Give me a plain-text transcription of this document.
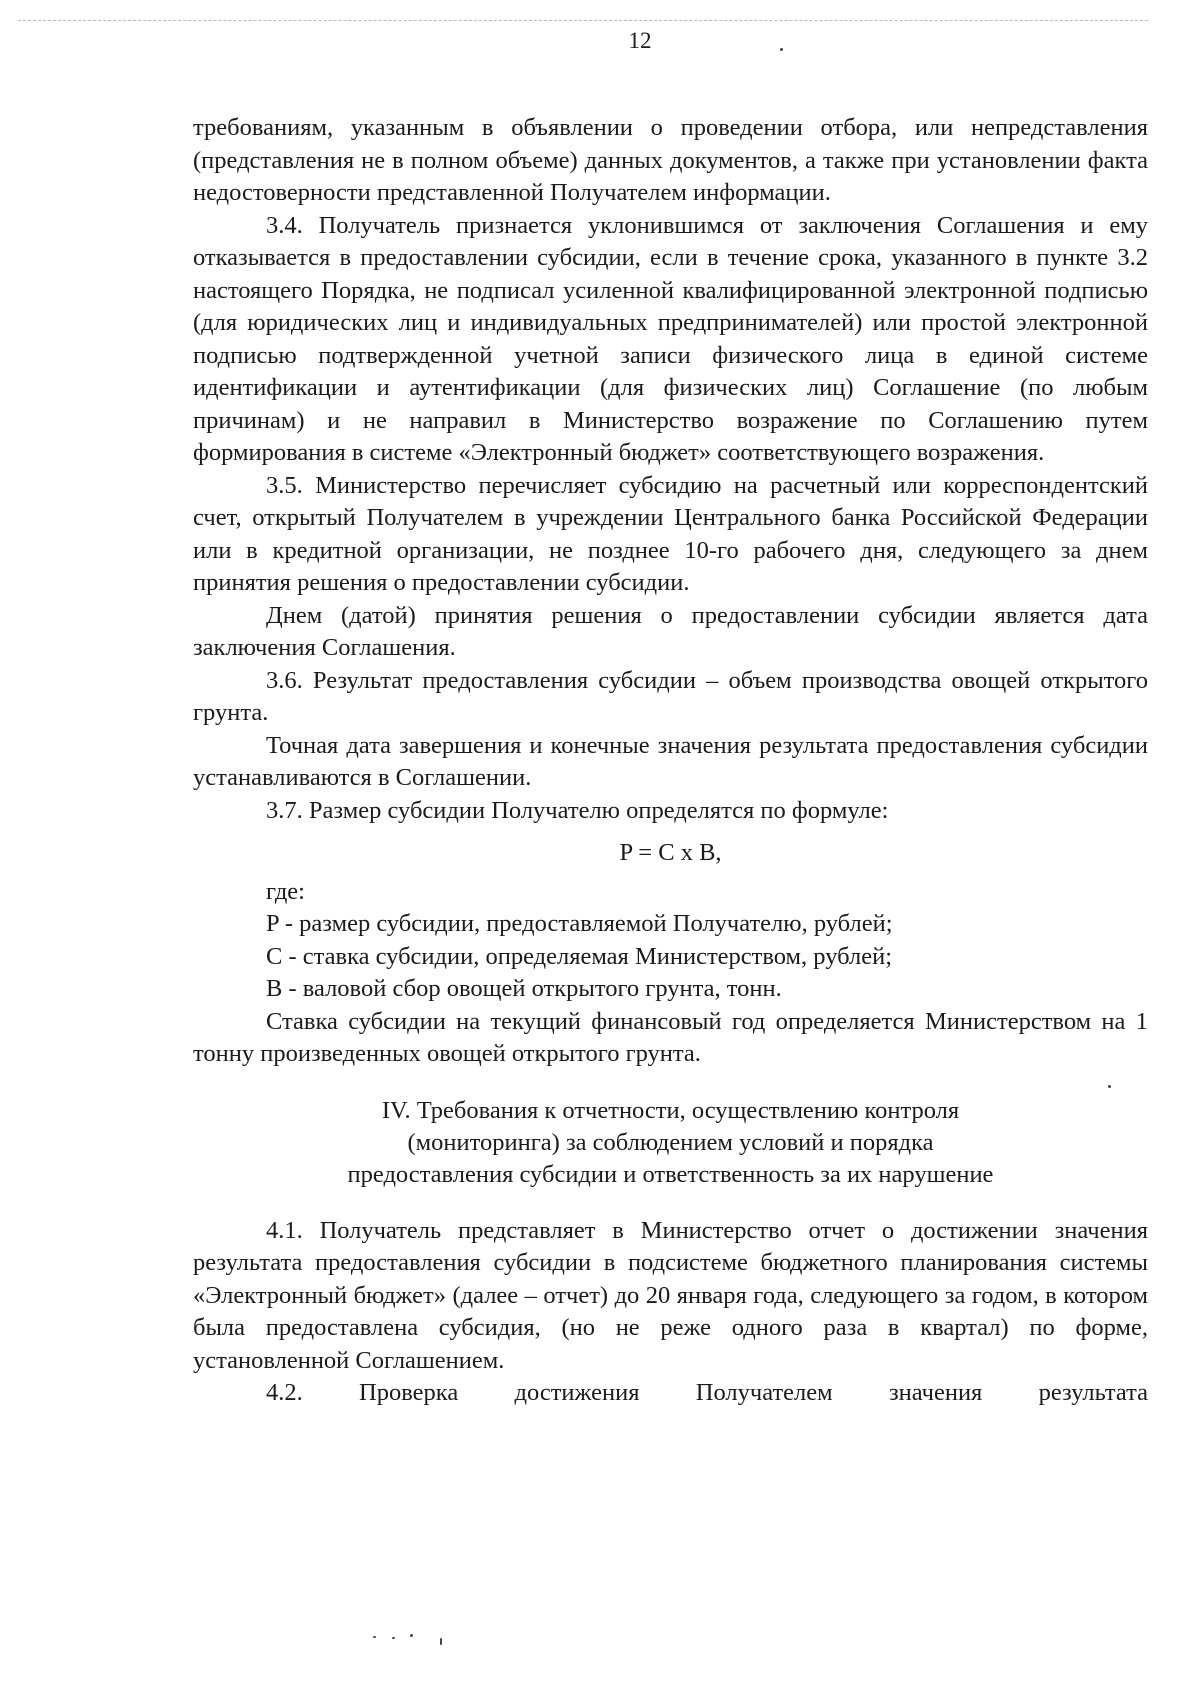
12

требованиям, указанным в объявлении о проведении отбора, или непредставления (представления не в полном объеме) данных документов, а также при установлении факта недостоверности представленной Получателем информации.

3.4. Получатель признается уклонившимся от заключения Соглашения и ему отказывается в предоставлении субсидии, если в течение срока, указанного в пункте 3.2 настоящего Порядка, не подписал усиленной квалифицированной электронной подписью (для юридических лиц и индивидуальных предпринимателей) или простой электронной подписью подтвержденной учетной записи физического лица в единой системе идентификации и аутентификации (для физических лиц) Соглашение (по любым причинам) и не направил в Министерство возражение по Соглашению путем формирования в системе «Электронный бюджет» соответствующего возражения.

3.5. Министерство перечисляет субсидию на расчетный или корреспондентский счет, открытый Получателем в учреждении Центрального банка Российской Федерации или в кредитной организации, не позднее 10-го рабочего дня, следующего за днем принятия решения о предоставлении субсидии.

Днем (датой) принятия решения о предоставлении субсидии является дата заключения Соглашения.

3.6. Результат предоставления субсидии – объем производства овощей открытого грунта.

Точная дата завершения и конечные значения результата предоставления субсидии устанавливаются в Соглашении.

3.7. Размер субсидии Получателю определятся по формуле:

P = C x B,

где:

P - размер субсидии, предоставляемой Получателю, рублей;

C - ставка субсидии, определяемая Министерством, рублей;

B - валовой сбор овощей открытого грунта, тонн.

Ставка субсидии на текущий финансовый год определяется Министерством на 1 тонну произведенных овощей открытого грунта.

IV. Требования к отчетности, осуществлению контроля
(мониторинга) за соблюдением условий и порядка
предоставления субсидии и ответственность за их нарушение

4.1. Получатель представляет в Министерство отчет о достижении значения результата предоставления субсидии в подсистеме бюджетного планирования системы «Электронный бюджет» (далее – отчет) до 20 января года, следующего за годом, в котором была предоставлена субсидия, (но не реже одного раза в квартал) по форме, установленной Соглашением.

4.2. Проверка достижения Получателем значения результата
